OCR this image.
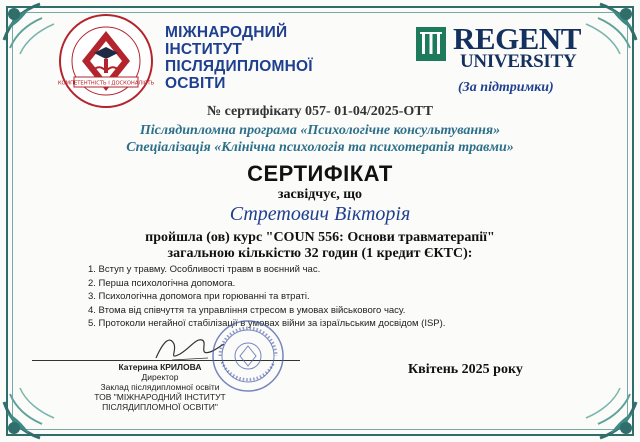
КОМПЕТЕНТНІСТЬ І ДОСКОНАЛІСТЬ
МІЖНАРОДНИЙ
ІНСТИТУТ
ПІСЛЯДИПЛОМНОЇ
ОСВІТИ
REGENT
UNIVERSITY
(За підтримки)
№ сертифікату 057- 01-04/2025-ОТТ
Післядипломна програма «Психологічне консультування»
Спеціалізація «Клінічна психологія та психотерапія травми»
СЕРТИФІКАТ
засвідчує, що
Стретович Вікторія
пройшла (ов) курс "COUN 556: Основи травматерапії"
загальною кількістю 32 годин (1 кредит ЄКТС):
1. Вступ у травму. Особливості травм в воєнний час.
2. Перша психологічна допомога.
3. Психологічна допомога при горюванні та втраті.
4. Втома від співчуття та управління стресом в умовах військового часу.
5. Протоколи негайної стабілізації в умовах війни за ізраїльським досвідом (ISP).
Катерина КРИЛОВА
Директор
Заклад післядипломної освіти
ТОВ "МІЖНАРОДНИЙ ІНСТИТУТ
ПІСЛЯДИПЛОМНОЇ ОСВІТИ"
Квітень 2025 року
